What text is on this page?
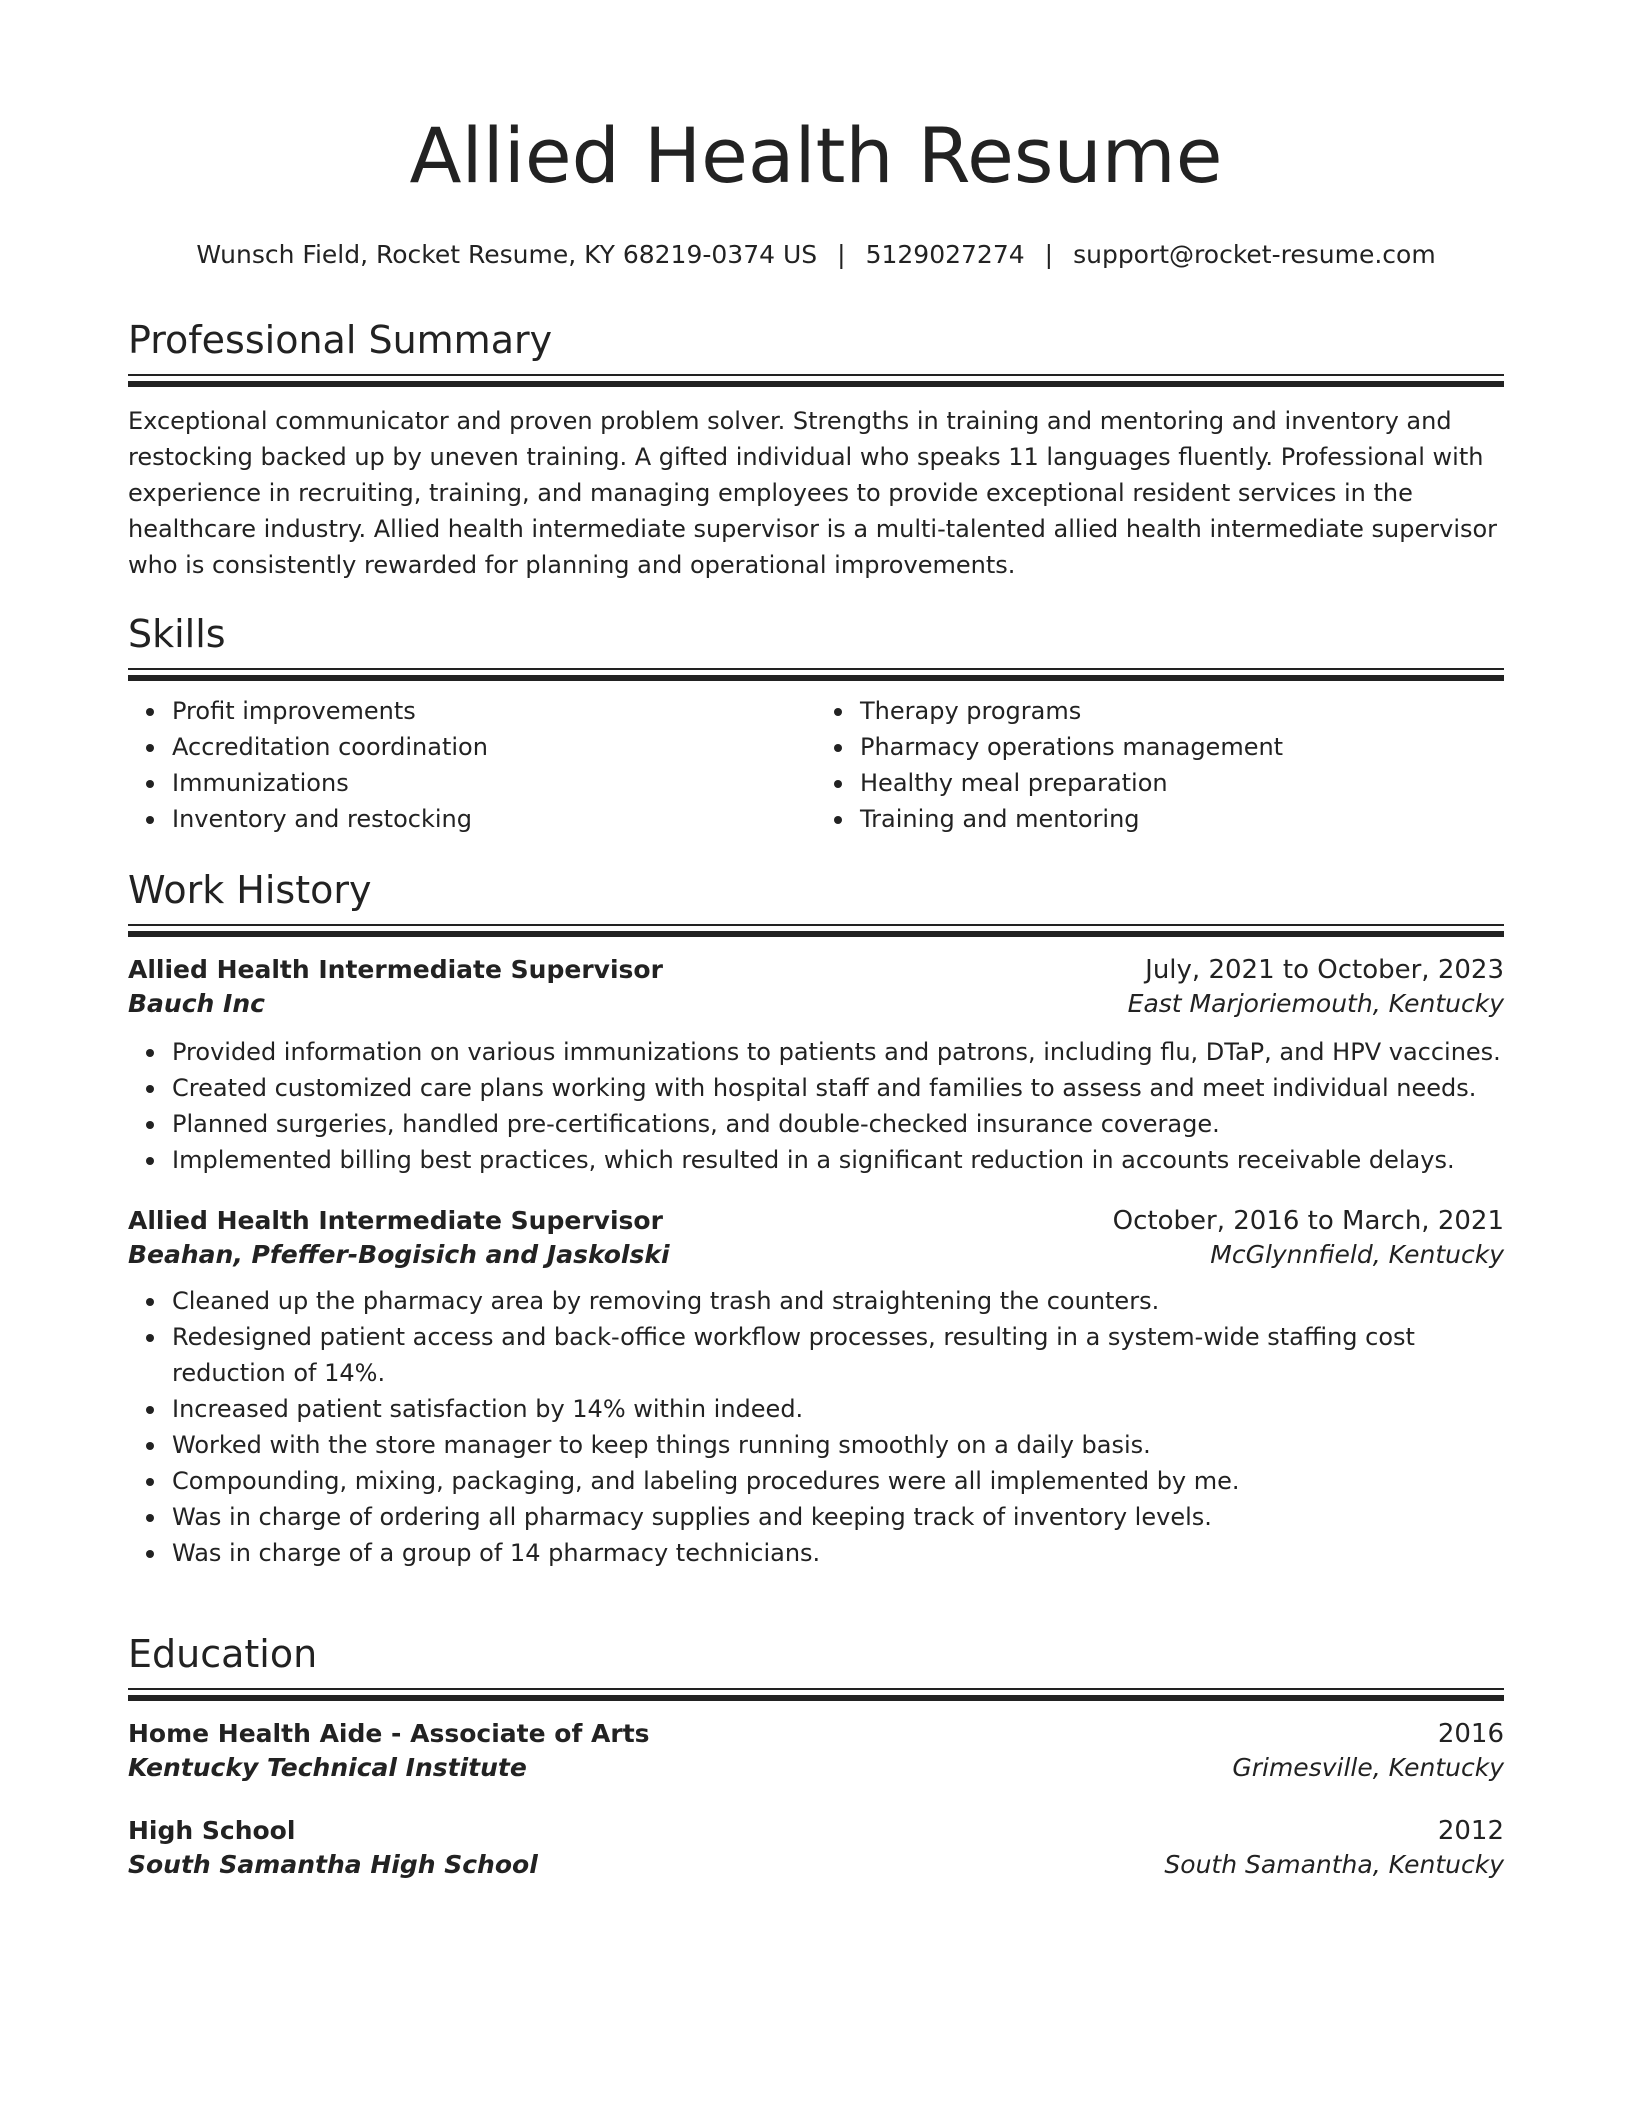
Allied Health Resume
Wunsch Field, Rocket Resume, KY 68219-0374 US | 5129027274 | support@rocket-resume.com
Professional Summary
Exceptional communicator and proven problem solver. Strengths in training and mentoring and inventory and restocking backed up by uneven training. A gifted individual who speaks 11 languages fluently. Professional with experience in recruiting, training, and managing employees to provide exceptional resident services in the healthcare industry. Allied health intermediate supervisor is a multi-talented allied health intermediate supervisor who is consistently rewarded for planning and operational improvements.
Skills
Profit improvements
Accreditation coordination
Immunizations
Inventory and restocking
Therapy programs
Pharmacy operations management
Healthy meal preparation
Training and mentoring
Work History
Allied Health Intermediate Supervisor	July, 2021 to October, 2023
Bauch Inc	East Marjoriemouth, Kentucky
Provided information on various immunizations to patients and patrons, including flu, DTaP, and HPV vaccines.
Created customized care plans working with hospital staff and families to assess and meet individual needs.
Planned surgeries, handled pre-certifications, and double-checked insurance coverage.
Implemented billing best practices, which resulted in a significant reduction in accounts receivable delays.
Allied Health Intermediate Supervisor	October, 2016 to March, 2021
Beahan, Pfeffer-Bogisich and Jaskolski	McGlynnfield, Kentucky
Cleaned up the pharmacy area by removing trash and straightening the counters.
Redesigned patient access and back-office workflow processes, resulting in a system-wide staffing cost reduction of 14%.
Increased patient satisfaction by 14% within indeed.
Worked with the store manager to keep things running smoothly on a daily basis.
Compounding, mixing, packaging, and labeling procedures were all implemented by me.
Was in charge of ordering all pharmacy supplies and keeping track of inventory levels.
Was in charge of a group of 14 pharmacy technicians.
Education
Home Health Aide - Associate of Arts	2016
Kentucky Technical Institute	Grimesville, Kentucky
High School	2012
South Samantha High School	South Samantha, Kentucky
